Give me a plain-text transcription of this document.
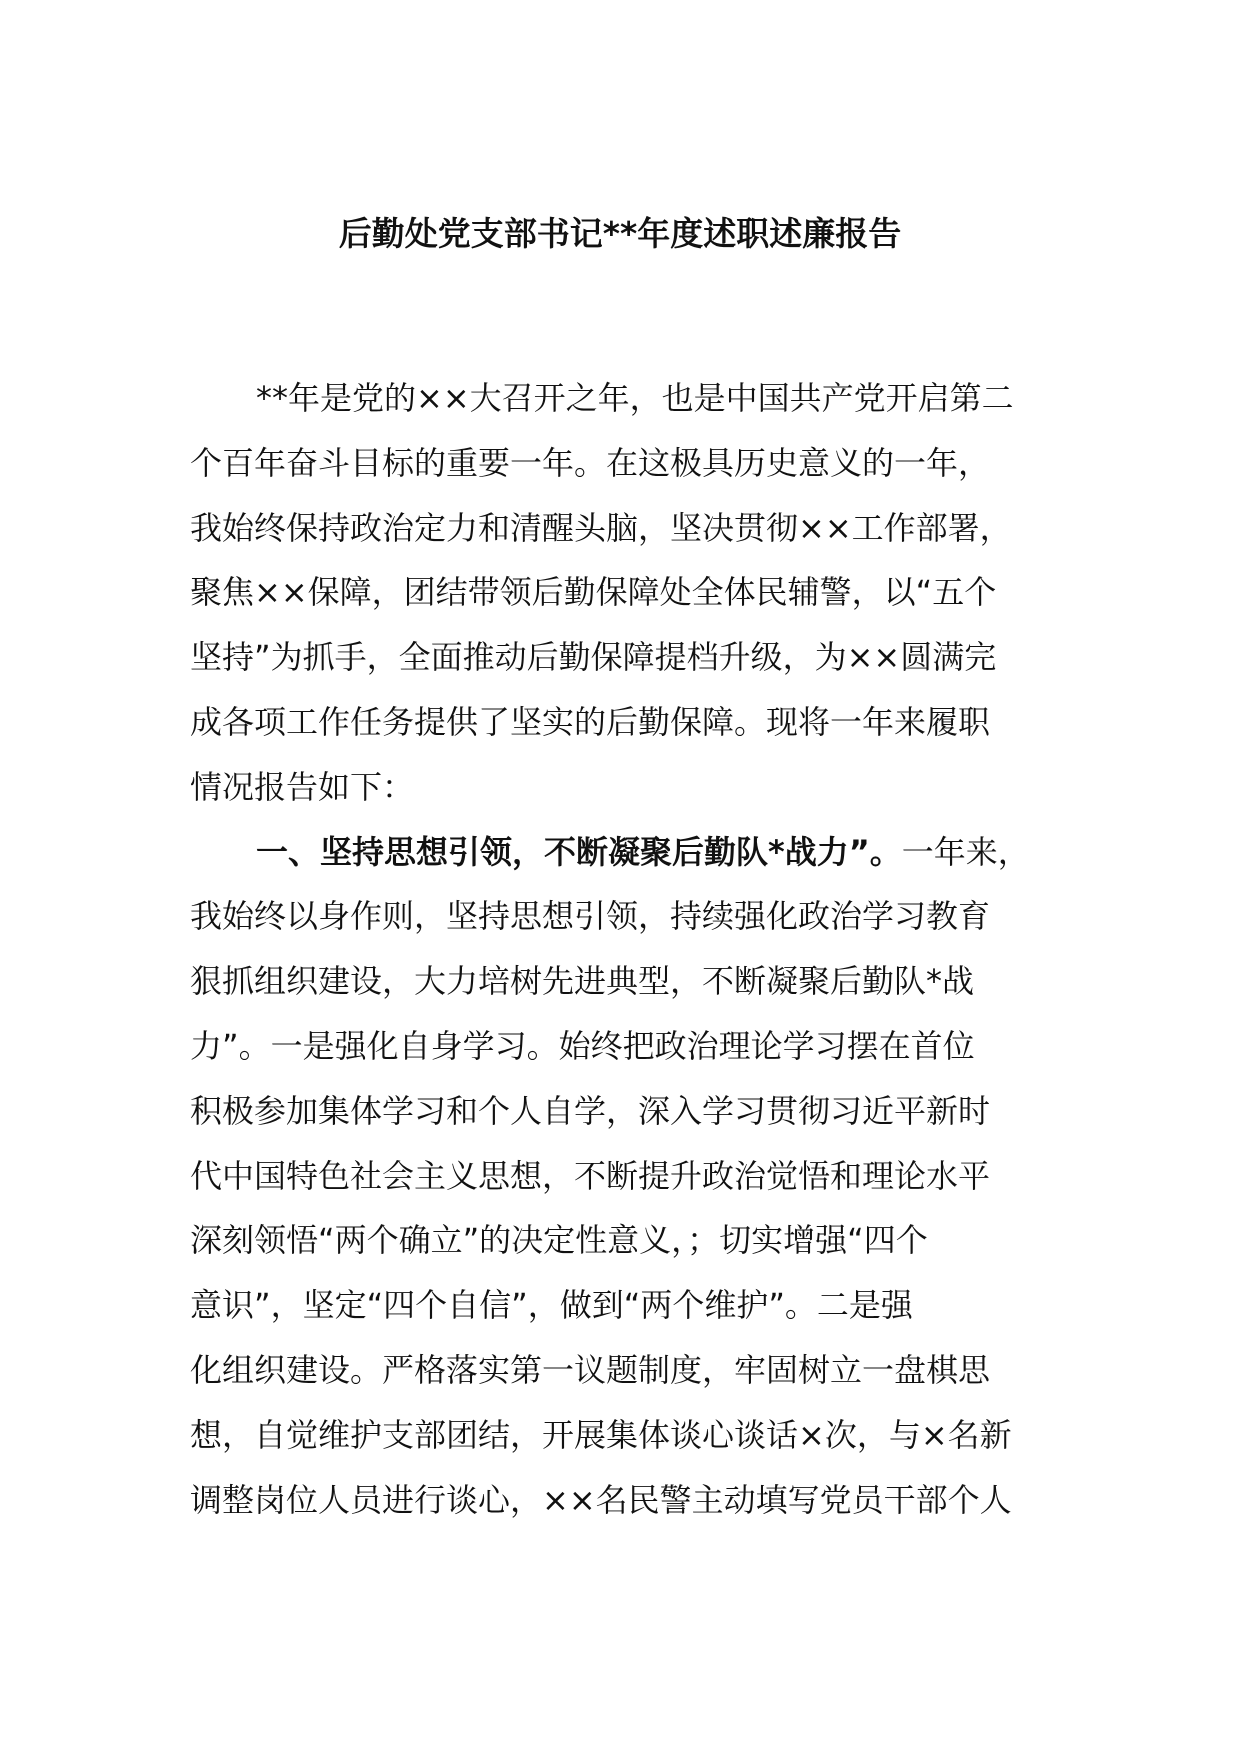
后勤处党支部书记**年度述职述廉报告
**年是党的××大召开之年，也是中国共产党开启第二
个百年奋斗目标的重要一年。在这极具历史意义的一年，
我始终保持政治定力和清醒头脑，坚决贯彻××工作部署，
聚焦××保障，团结带领后勤保障处全体民辅警，以“五个
坚持”为抓手，全面推动后勤保障提档升级，为××圆满完
成各项工作任务提供了坚实的后勤保障。现将一年来履职
情况报告如下：
一、坚持思想引领，不断凝聚后勤队*战力”。一年来，
我始终以身作则，坚持思想引领，持续强化政治学习教育
狠抓组织建设，大力培树先进典型，不断凝聚后勤队*战
力”。一是强化自身学习。始终把政治理论学习摆在首位
积极参加集体学习和个人自学，深入学习贯彻习近平新时
代中国特色社会主义思想，不断提升政治觉悟和理论水平
深刻领悟“两个确立”的决定性意义，；切实增强“四个
意识”，坚定“四个自信”，做到“两个维护”。二是强
化组织建设。严格落实第一议题制度，牢固树立一盘棋思
想，自觉维护支部团结，开展集体谈心谈话×次，与×名新
调整岗位人员进行谈心，××名民警主动填写党员干部个人
